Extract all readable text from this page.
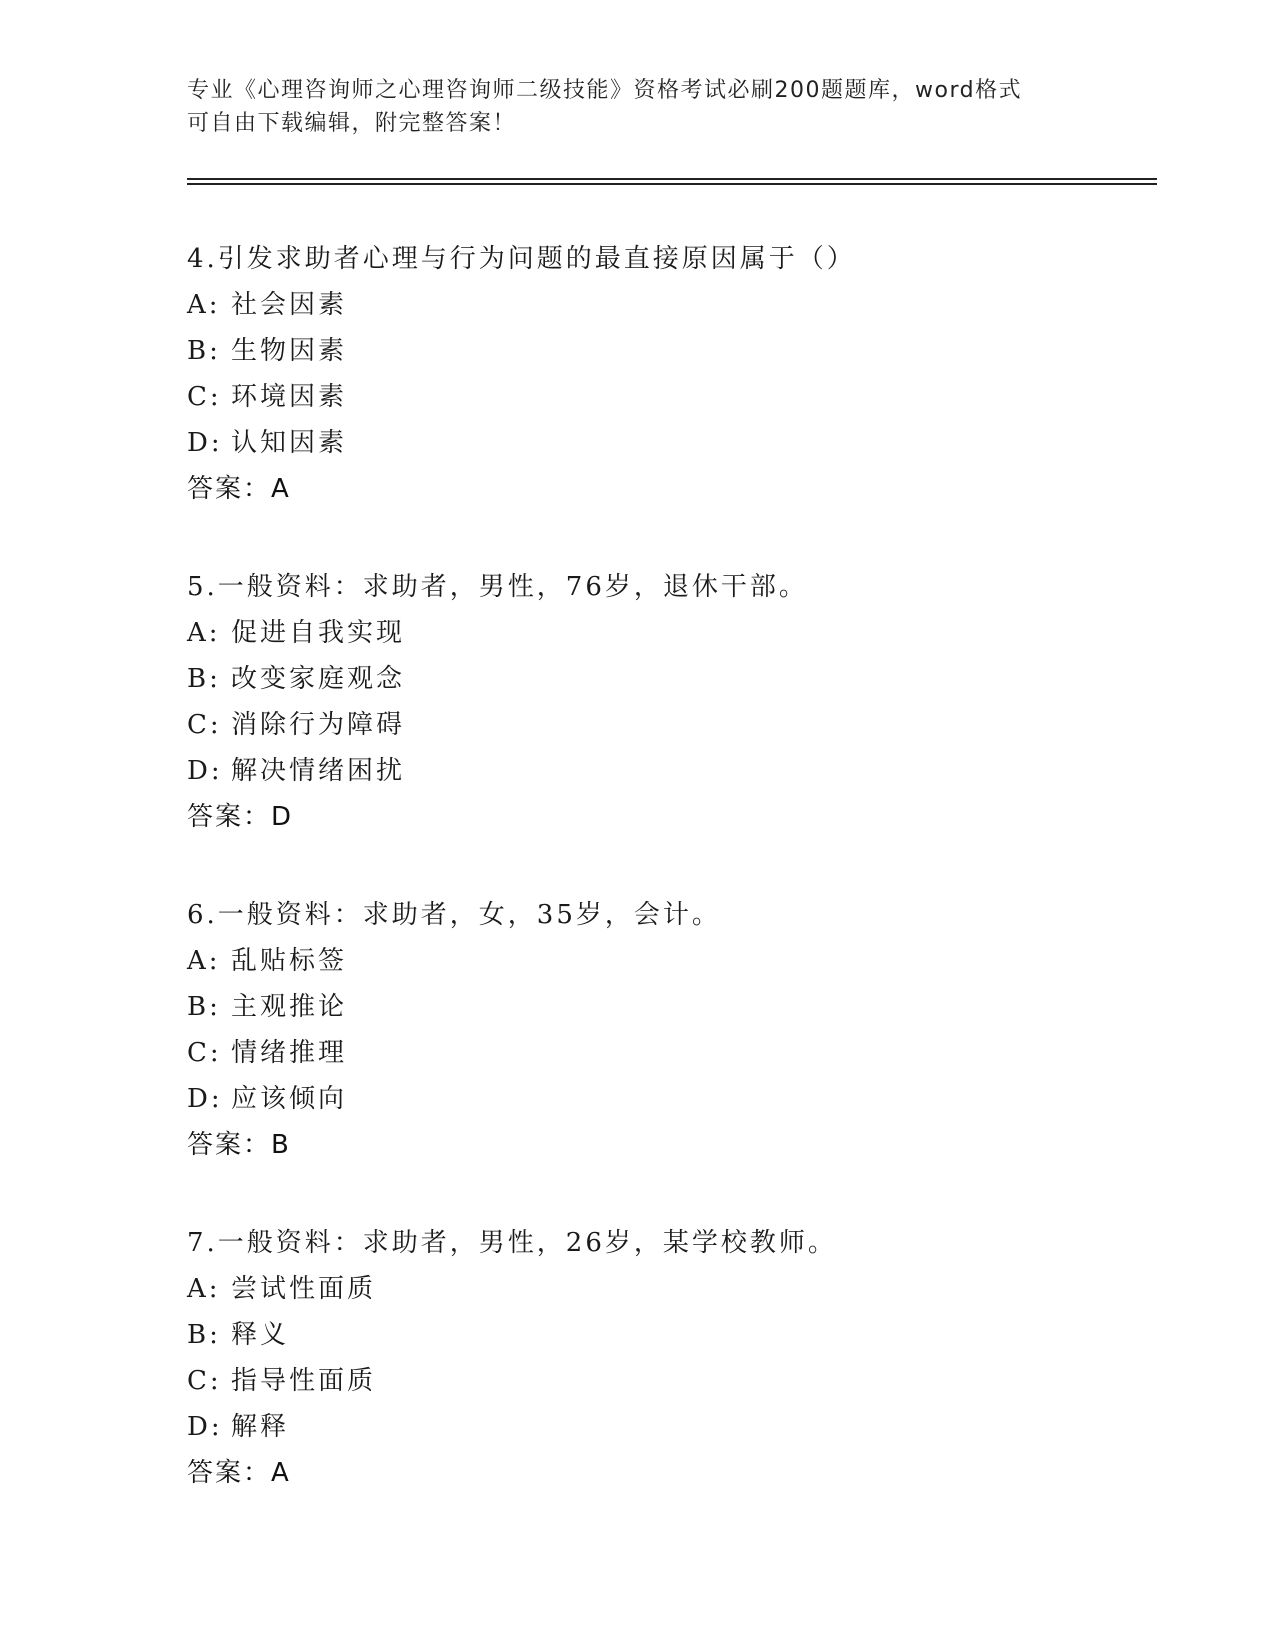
专业《心理咨询师之心理咨询师二级技能》资格考试必刷200题题库，word格式
可自由下载编辑，附完整答案！
4.引发求助者心理与行为问题的最直接原因属于（）
A: 社会因素
B: 生物因素
C: 环境因素
D: 认知因素
答案：A
5.一般资料：求助者，男性，76岁，退休干部。
A: 促进自我实现
B: 改变家庭观念
C: 消除行为障碍
D: 解决情绪困扰
答案：D
6.一般资料：求助者，女，35岁，会计。
A: 乱贴标签
B: 主观推论
C: 情绪推理
D: 应该倾向
答案：B
7.一般资料：求助者，男性，26岁，某学校教师。
A: 尝试性面质
B: 释义
C: 指导性面质
D: 解释
答案：A
